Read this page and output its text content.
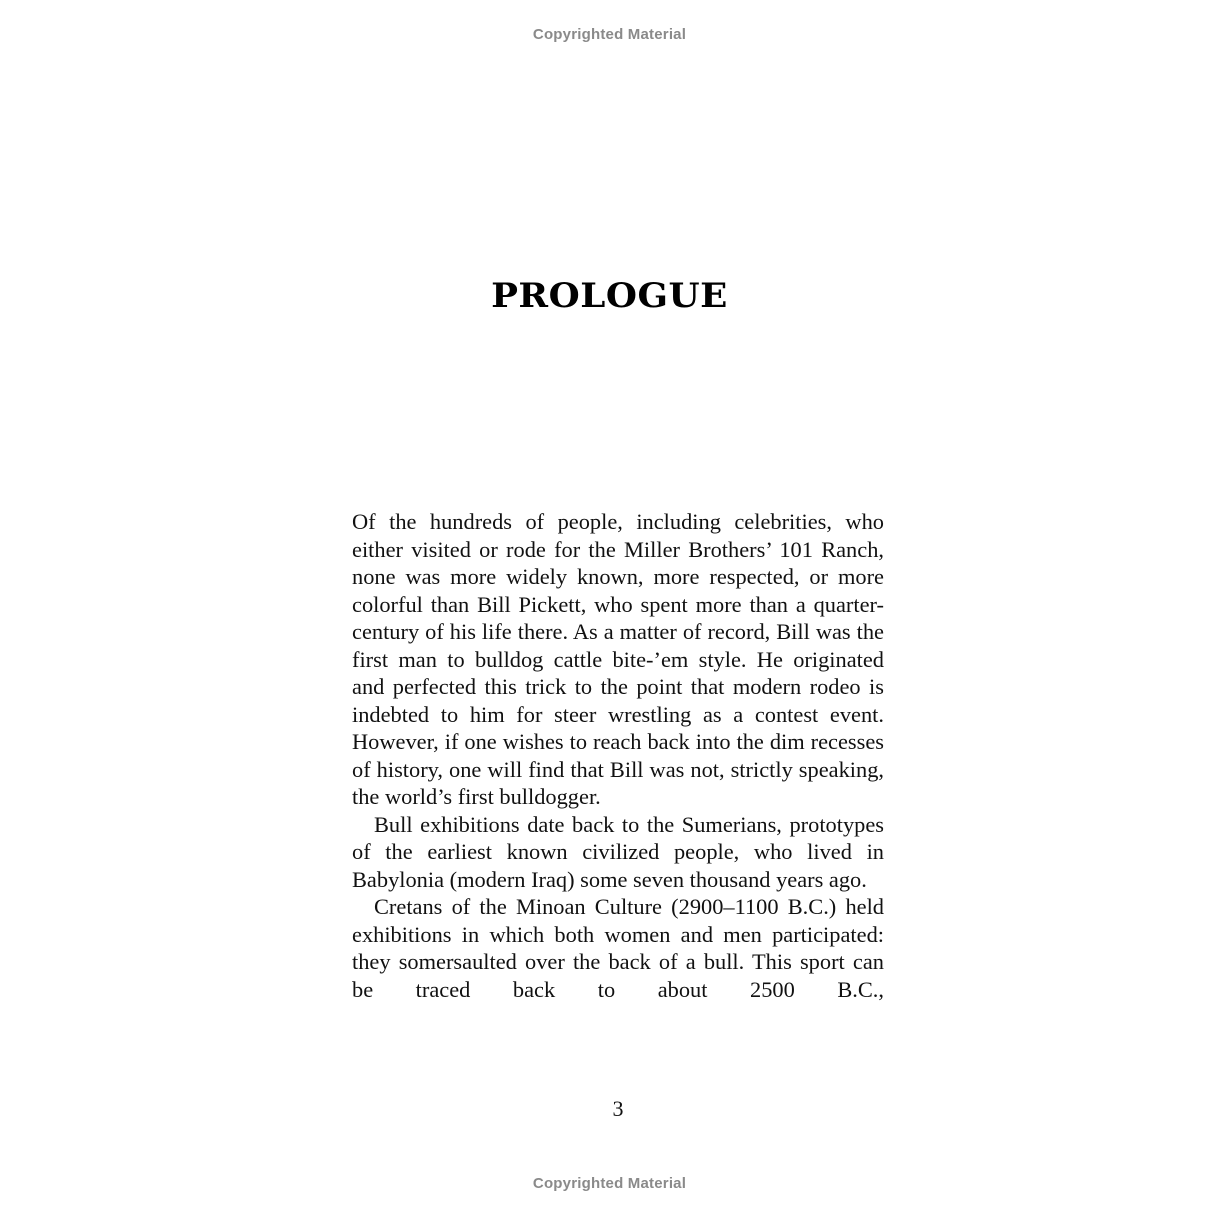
Copyrighted Material
PROLOGUE

Of the hundreds of people, including celebrities, who either visited or rode for the Miller Brothers’ 101 Ranch, none was more widely known, more respected, or more colorful than Bill Pickett, who spent more than a quarter-century of his life there. As a matter of record, Bill was the first man to bulldog cattle bite-’em style. He originated and perfected this trick to the point that modern rodeo is indebted to him for steer wrestling as a contest event. However, if one wishes to reach back into the dim recesses of history, one will find that Bill was not, strictly speaking, the world’s first bulldogger.

Bull exhibitions date back to the Sumerians, prototypes of the earliest known civilized people, who lived in Babylonia (modern Iraq) some seven thousand years ago.

Cretans of the Minoan Culture (2900–1100 B.C.) held exhibitions in which both women and men participated: they somersaulted over the back of a bull. This sport can be traced back to about 2500 B.C.,

3
Copyrighted Material
